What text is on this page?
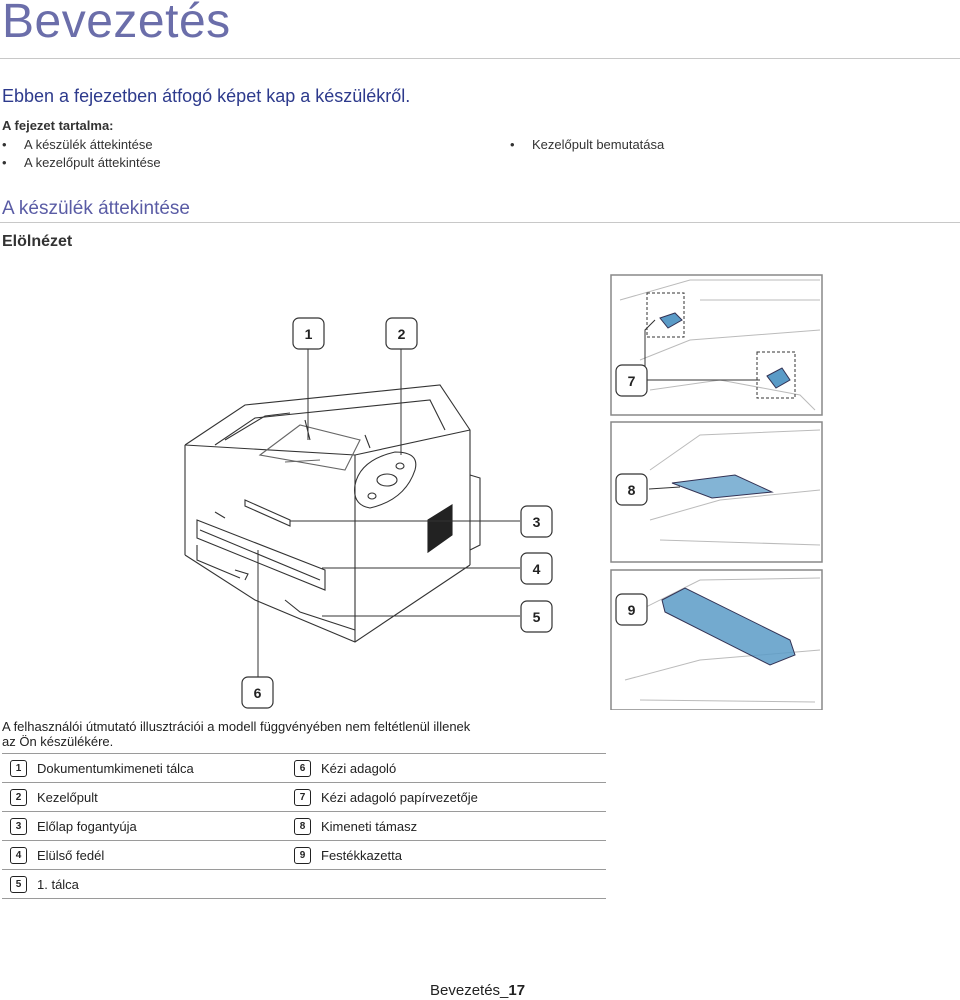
Bevezetés
Ebben a fejezetben átfogó képet kap a készülékről.
A fejezet tartalma:
•	A készülék áttekintése
•	A kezelőpult áttekintése
•	Kezelőpult bemutatása
A készülék áttekintése
Elölnézet
1	2
3
4
5
6
7
8
9
A felhasználói útmutató illusztrációi a modell függvényében nem feltétlenül illenek az Ön készülékére.
1	Dokumentumkimeneti tálca	6	Kézi adagoló
2	Kezelőpult	7	Kézi adagoló papírvezetője
3	Előlap fogantyúja	8	Kimeneti támasz
4	Elülső fedél	9	Festékkazetta
5	1. tálca
Bevezetés_17
